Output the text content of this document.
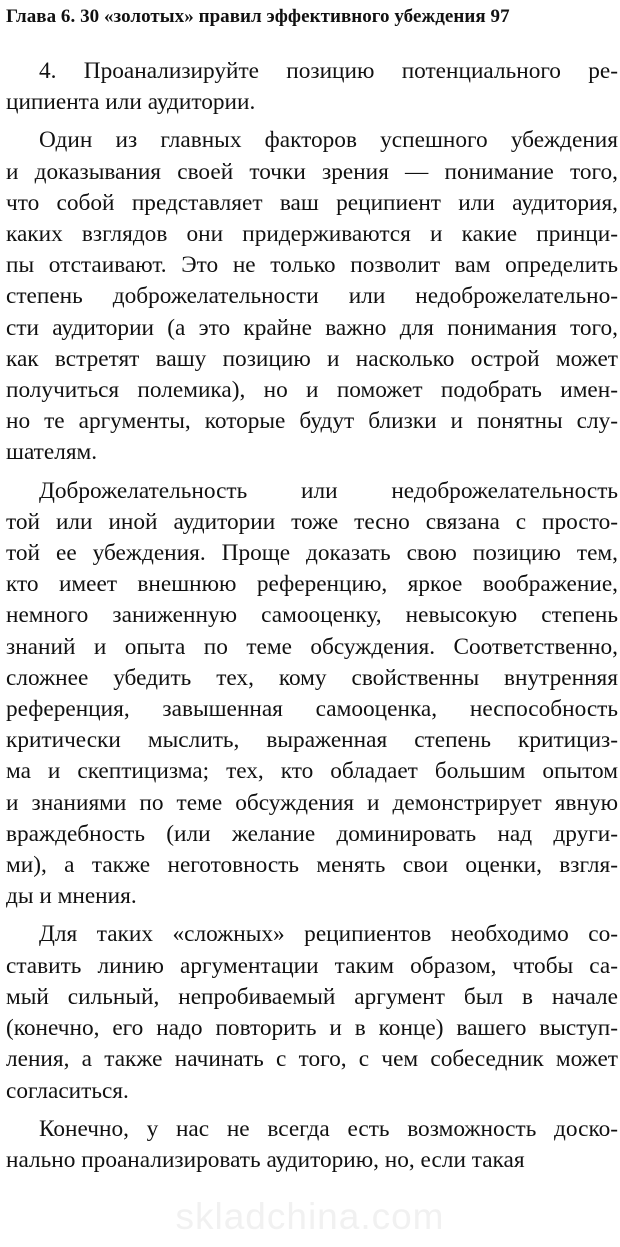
Глава 6. 30 «золотых» правил эффективного убеждения 97

4. Проанализируйте позицию потенциального ре-
ципиента или аудитории.

Один из главных факторов успешного убеждения
и доказывания своей точки зрения — понимание того,
что собой представляет ваш реципиент или аудитория,
каких взглядов они придерживаются и какие принци-
пы отстаивают. Это не только позволит вам определить
степень доброжелательности или недоброжелательно-
сти аудитории (а это крайне важно для понимания того,
как встретят вашу позицию и насколько острой может
получиться полемика), но и поможет подобрать имен-
но те аргументы, которые будут близки и понятны слу-
шателям.

Доброжелательность или недоброжелательность
той или иной аудитории тоже тесно связана с просто-
той ее убеждения. Проще доказать свою позицию тем,
кто имеет внешнюю референцию, яркое воображение,
немного заниженную самооценку, невысокую степень
знаний и опыта по теме обсуждения. Соответственно,
сложнее убедить тех, кому свойственны внутренняя
референция, завышенная самооценка, неспособность
критически мыслить, выраженная степень критициз-
ма и скептицизма; тех, кто обладает большим опытом
и знаниями по теме обсуждения и демонстрирует явную
враждебность (или желание доминировать над други-
ми), а также неготовность менять свои оценки, взгля-
ды и мнения.

Для таких «сложных» реципиентов необходимо со-
ставить линию аргументации таким образом, чтобы са-
мый сильный, непробиваемый аргумент был в начале
(конечно, его надо повторить и в конце) вашего выступ-
ления, а также начинать с того, с чем собеседник может
согласиться.

Конечно, у нас не всегда есть возможность доско-
нально проанализировать аудиторию, но, если такая

skladchina.com
